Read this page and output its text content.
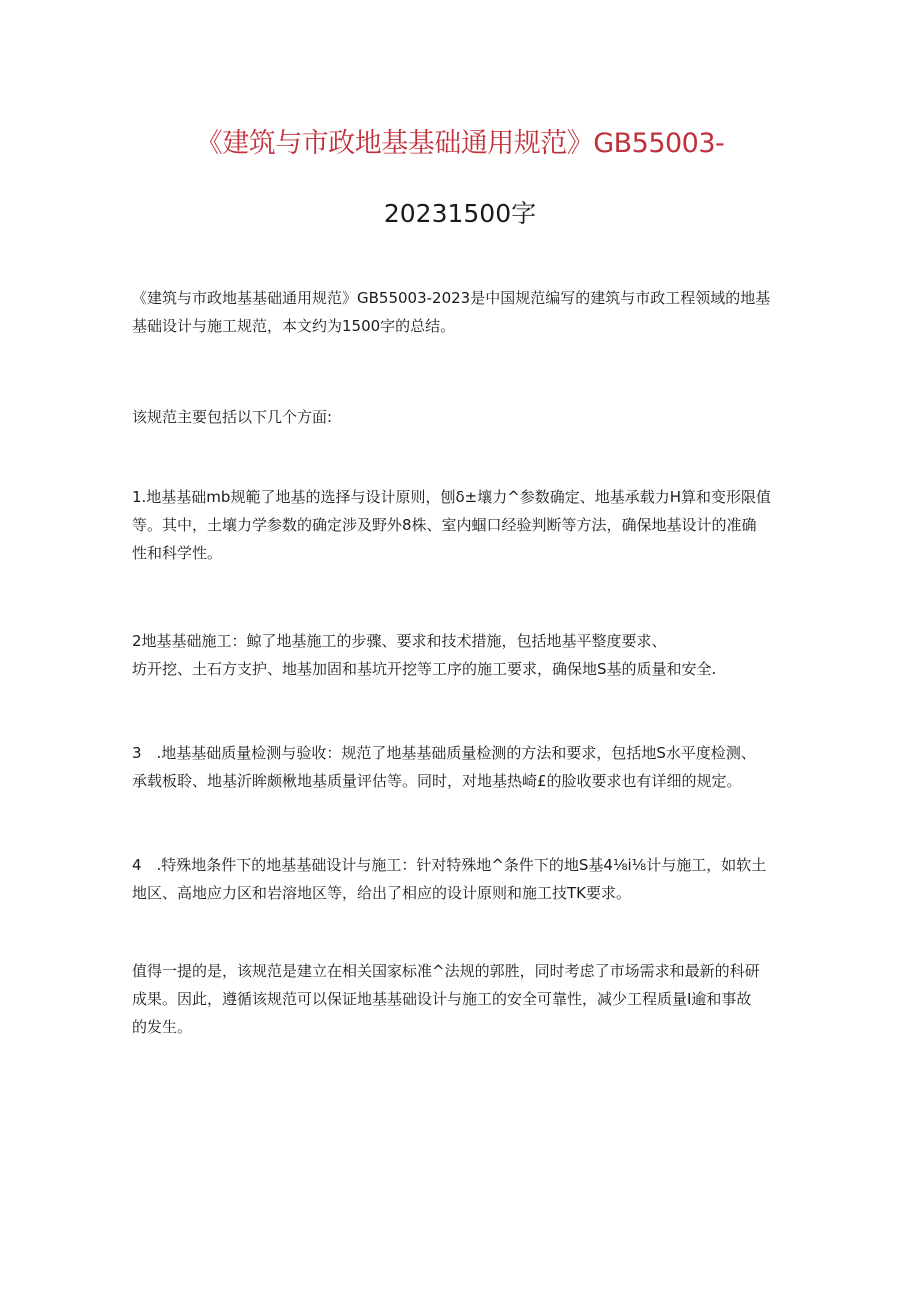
《建筑与市政地基基础通用规范》GB55003-
20231500字

《建筑与市政地基基础通用规范》GB55003-2023是中国规范编写的建筑与市政工程领域的地基
基础设计与施工规范，本文约为1500字的总结。

该规范主要包括以下几个方面:

1.地基基础mb规範了地基的选择与设计原则，刨δ±壤力^参数确定、地基承载力H算和变形限值
等。其中，土壤力学参数的确定涉及野外8株、室内蝈口经验判断等方法，确保地基设计的准确
性和科学性。

2地基基础施工：鲸了地基施工的步骤、要求和技术措施，包括地基平整度要求、
坊开挖、土石方支护、地基加固和基坑开挖等工序的施工要求，确保地S基的质量和安全.

3　.地基基础质量检测与验收：规范了地基基础质量检测的方法和要求，包括地S水平度检测、
承载板聆、地基沂眸颇楸地基质量评估等。同时，对地基热崎£的脸收要求也有详细的规定。

4　.特殊地条件下的地基基础设计与施工：针对特殊地^条件下的地S基4⅛i⅛计与施工，如软土
地区、高地应力区和岩溶地区等，给出了相应的设计原则和施工技TK要求。

值得一提的是，该规范是建立在相关国家标准^法规的郭胜，同时考虑了市场需求和最新的科研
成果。因此，遵循该规范可以保证地基基础设计与施工的安全可靠性，减少工程质量I逾和事故
的发生。
